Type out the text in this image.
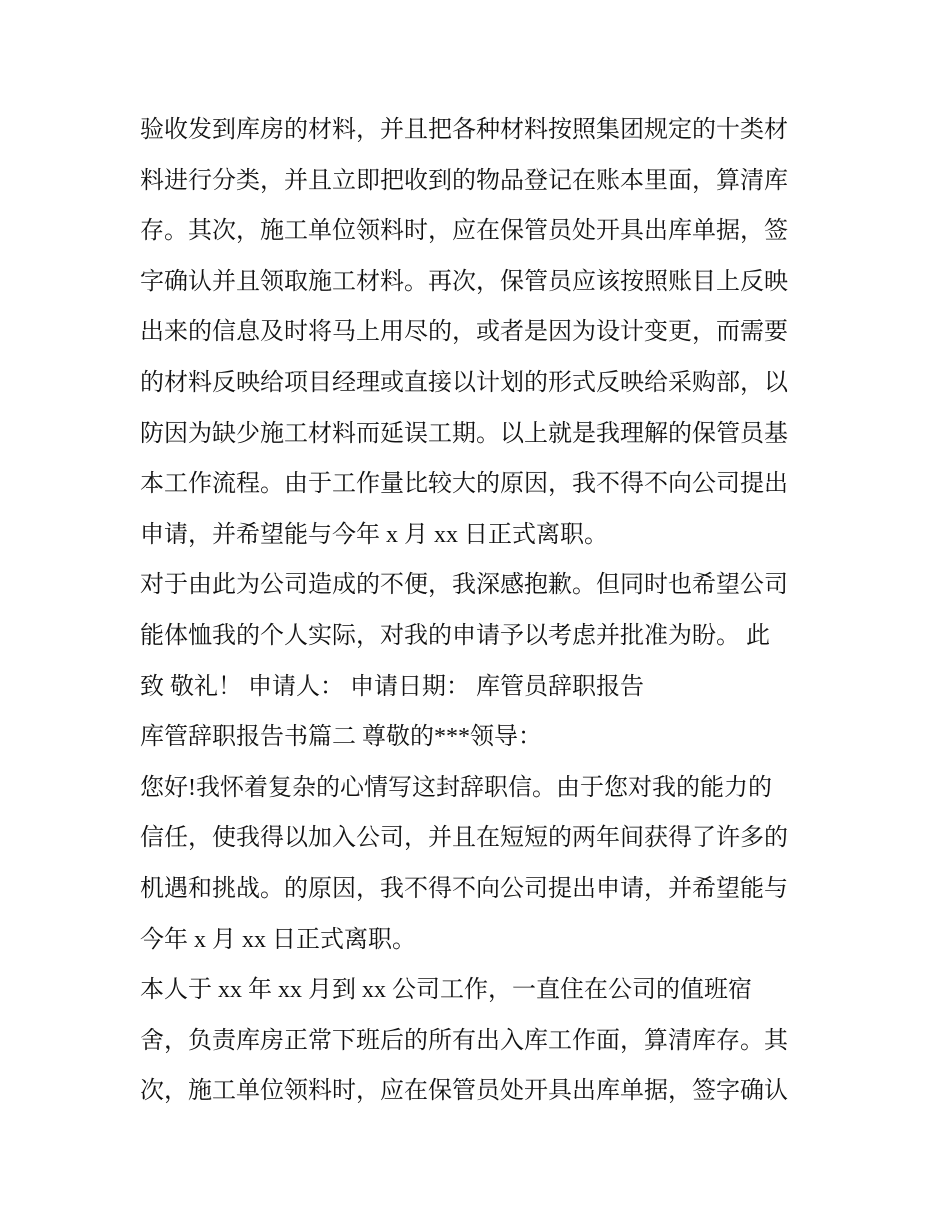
验收发到库房的材料，并且把各种材料按照集团规定的十类材
料进行分类，并且立即把收到的物品登记在账本里面，算清库
存。其次，施工单位领料时，应在保管员处开具出库单据，签
字确认并且领取施工材料。再次，保管员应该按照账目上反映
出来的信息及时将马上用尽的，或者是因为设计变更，而需要
的材料反映给项目经理或直接以计划的形式反映给采购部，以
防因为缺少施工材料而延误工期。以上就是我理解的保管员基
本工作流程。由于工作量比较大的原因，我不得不向公司提出
申请，并希望能与今年 x 月 xx 日正式离职。
对于由此为公司造成的不便，我深感抱歉。但同时也希望公司
能体恤我的个人实际，对我的申请予以考虑并批准为盼。 此
致 敬礼！ 申请人： 申请日期： 库管员辞职报告
库管辞职报告书篇二 尊敬的***领导：
您好!我怀着复杂的心情写这封辞职信。由于您对我的能力的
信任，使我得以加入公司，并且在短短的两年间获得了许多的
机遇和挑战。的原因，我不得不向公司提出申请，并希望能与
今年 x 月 xx 日正式离职。
本人于 xx 年 xx 月到 xx 公司工作，一直住在公司的值班宿
舍，负责库房正常下班后的所有出入库工作面，算清库存。其
次，施工单位领料时，应在保管员处开具出库单据，签字确认
